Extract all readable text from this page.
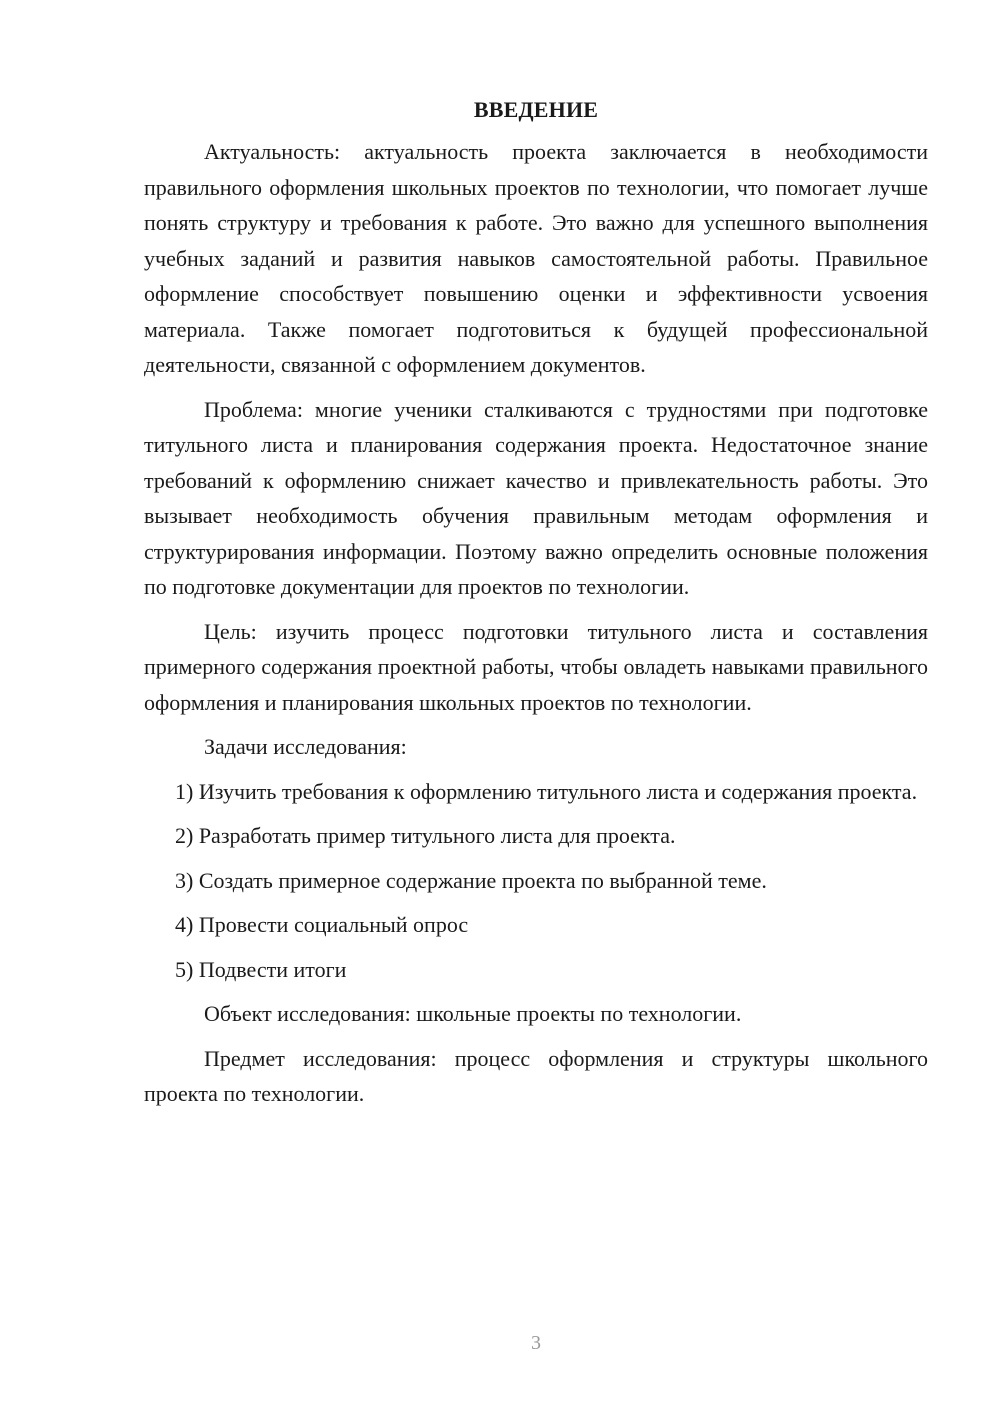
ВВЕДЕНИЕ

Актуальность: актуальность проекта заключается в необходимости правильного оформления школьных проектов по технологии, что помогает лучше понять структуру и требования к работе. Это важно для успешного выполнения учебных заданий и развития навыков самостоятельной работы. Правильное оформление способствует повышению оценки и эффективности усвоения материала. Также помогает подготовиться к будущей профессиональной деятельности, связанной с оформлением документов.

Проблема: многие ученики сталкиваются с трудностями при подготовке титульного листа и планирования содержания проекта. Недостаточное знание требований к оформлению снижает качество и привлекательность работы. Это вызывает необходимость обучения правильным методам оформления и структурирования информации. Поэтому важно определить основные положения по подготовке документации для проектов по технологии.

Цель: изучить процесс подготовки титульного листа и составления примерного содержания проектной работы, чтобы овладеть навыками правильного оформления и планирования школьных проектов по технологии.

Задачи исследования:

1) Изучить требования к оформлению титульного листа и содержания проекта.

2) Разработать пример титульного листа для проекта.

3) Создать примерное содержание проекта по выбранной теме.

4) Провести социальный опрос

5) Подвести итоги

Объект исследования: школьные проекты по технологии.

Предмет исследования: процесс оформления и структуры школьного проекта по технологии.

3
